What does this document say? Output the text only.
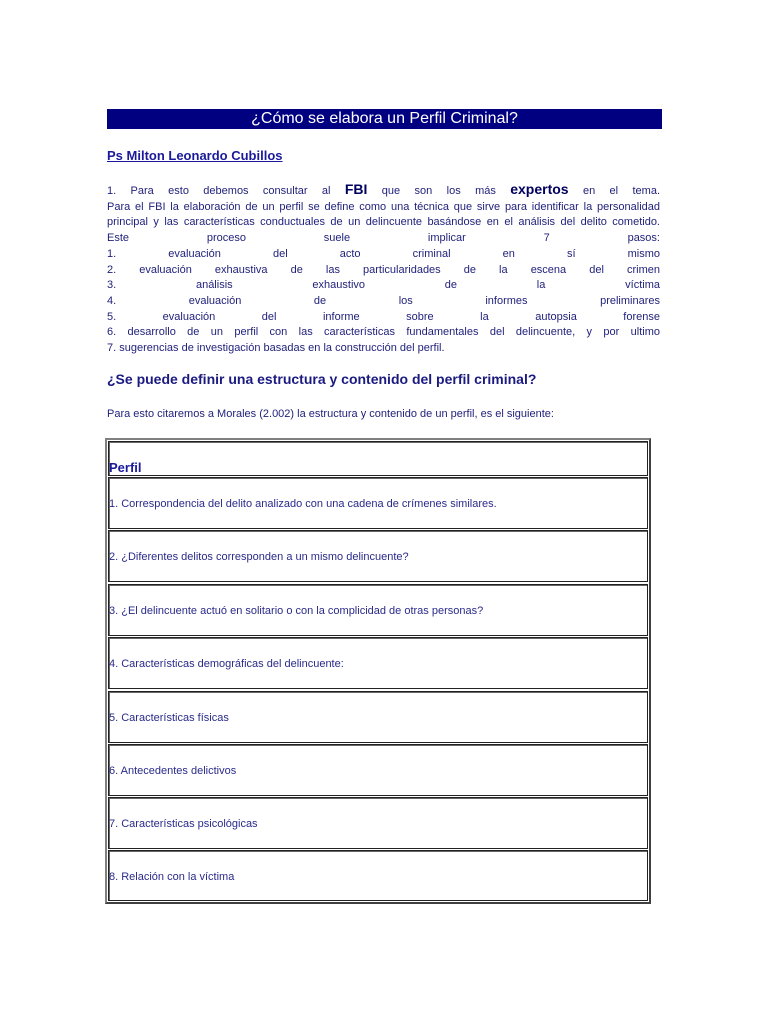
¿Cómo se elabora un Perfil Criminal?
Ps Milton Leonardo Cubillos
1. Para esto debemos consultar al FBI que son los más expertos en el tema.
Para el FBI la elaboración de un perfil se define como una técnica que sirve para identificar la personalidad
principal y las características conductuales de un delincuente basándose en el análisis del delito cometido.
Este proceso suele implicar 7 pasos:
1. evaluación del acto criminal en sí mismo
2. evaluación exhaustiva de las particularidades de la escena del crimen
3. análisis exhaustivo de la víctima
4. evaluación de los informes preliminares
5. evaluación del informe sobre la autopsia forense
6. desarrollo de un perfil con las características fundamentales del delincuente, y por ultimo
7. sugerencias de investigación basadas en la construcción del perfil.
¿Se puede definir una estructura y contenido del perfil criminal?
Para esto citaremos a Morales (2.002) la estructura y contenido de un perfil, es el siguiente:
Perfil
1. Correspondencia del delito analizado con una cadena de crímenes similares.
2. ¿Diferentes delitos corresponden a un mismo delincuente?
3. ¿El delincuente actuó en solitario o con la complicidad de otras personas?
4. Características demográficas del delincuente:
5. Características físicas
6. Antecedentes delictivos
7. Características psicológicas
8. Relación con la víctima
